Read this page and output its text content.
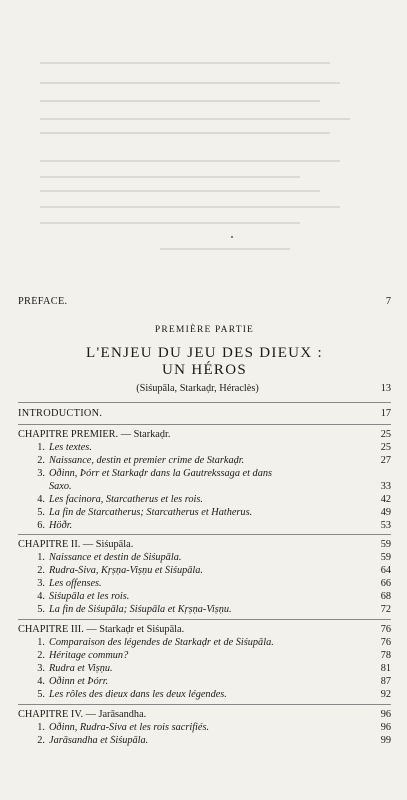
PRÉFACE.	7
PREMIÈRE PARTIE
L'ENJEU DU JEU DES DIEUX :
UN HÉROS
(Śiśupāla, Starkaḍr, Héraclès)	13
INTRODUCTION.	17
CHAPITRE PREMIER. — Starkaḍr.	25
1. Les textes.	25
2. Naissance, destin et premier crime de Starkaḍr.	27
3. Óðinn, Þórr et Starkaḍr dans la Gautrekssaga et dans
Saxo.	33
4. Les facinora, Starcatherus et les rois.	42
5. La fin de Starcatherus; Starcatherus et Hatherus.	49
6. Höðr.	53
CHAPITRE II. — Śiśupāla.	59
1. Naissance et destin de Śiśupāla.	59
2. Rudra-Śiva, Kṛṣṇa-Viṣṇu et Śiśupāla.	64
3. Les offenses.	66
4. Śiśupāla et les rois.	68
5. La fin de Śiśupāla; Śiśupāla et Kṛṣṇa-Viṣṇu.	72
CHAPITRE III. — Starkaḍr et Śiśupāla.	76
1. Comparaison des légendes de Starkaḍr et de Śiśupāla.	76
2. Héritage commun?	78
3. Rudra et Viṣṇu.	81
4. Óðinn et Þórr.	87
5. Les rôles des dieux dans les deux légendes.	92
CHAPITRE IV. — Jarāsandha.	96
1. Óðinn, Rudra-Śiva et les rois sacrifiés.	96
2. Jarāsandha et Śiśupāla.	99
